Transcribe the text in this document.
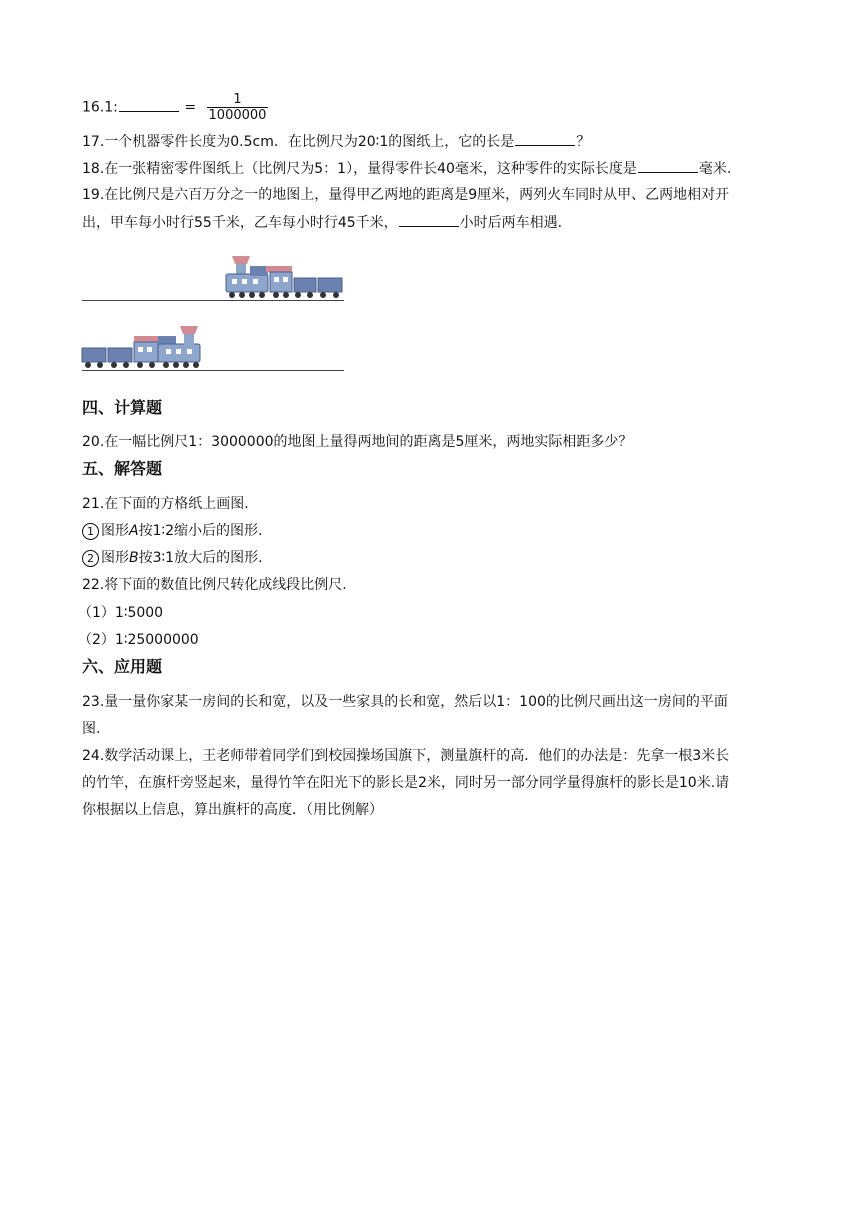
16.1:	= $\frac{1}{1000000}$
17.一个机器零件长度为0.5cm．在比例尺为20∶1的图纸上，它的长是	？
18.在一张精密零件图纸上（比例尺为5：1），量得零件长40毫米，这种零件的实际长度是	毫米.
19.在比例尺是六百万分之一的地图上，量得甲乙两地的距离是9厘米，两列火车同时从甲、乙两地相对开
出，甲车每小时行55千米，乙车每小时行45千米，	小时后两车相遇.
四、计算题
20.在一幅比例尺1：3000000的地图上量得两地间的距离是5厘米，两地实际相距多少？
五、解答题
21.在下面的方格纸上画图.
1 图形A按1∶2缩小后的图形.
2 图形B按3∶1放大后的图形.
22.将下面的数值比例尺转化成线段比例尺.
（1）1∶5000
（2）1∶25000000
六、应用题
23.量一量你家某一房间的长和宽，以及一些家具的长和宽，然后以1：100的比例尺画出这一房间的平面
图.
24.数学活动课上，王老师带着同学们到校园操场国旗下，测量旗杆的高．他们的办法是：先拿一根3米长
的竹竿，在旗杆旁竖起来，量得竹竿在阳光下的影长是2米，同时另一部分同学量得旗杆的影长是10米.请
你根据以上信息，算出旗杆的高度．（用比例解）
